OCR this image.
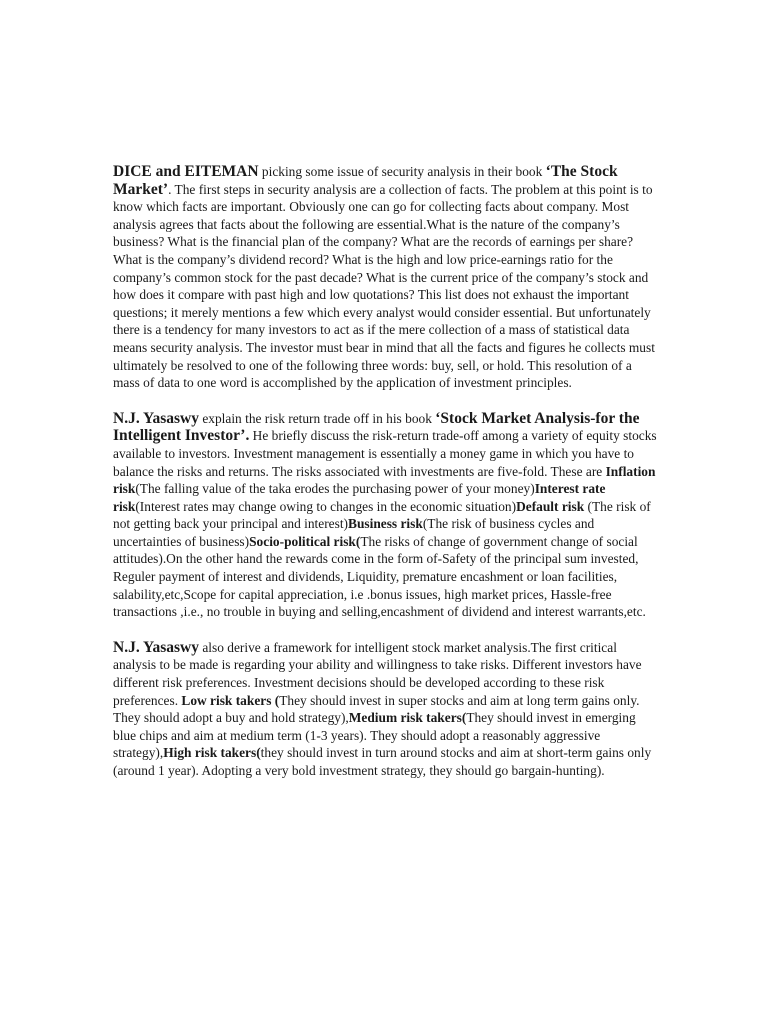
DICE and EITEMAN picking some issue of security analysis in their book ‘The Stock Market’. The first steps in security analysis are a collection of facts. The problem at this point is to know which facts are important. Obviously one can go for collecting facts about company. Most analysis agrees that facts about the following are essential.What is the nature of the company’s business? What is the financial plan of the company? What are the records of earnings per share? What is the company’s dividend record? What is the high and low price-earnings ratio for the company’s common stock for the past decade? What is the current price of the company’s stock and how does it compare with past high and low quotations? This list does not exhaust the important questions; it merely mentions a few which every analyst would consider essential. But unfortunately there is a tendency for many investors to act as if the mere collection of a mass of statistical data means security analysis. The investor must bear in mind that all the facts and figures he collects must ultimately be resolved to one of the following three words: buy, sell, or hold. This resolution of a mass of data to one word is accomplished by the application of investment principles.

N.J. Yasaswy explain the risk return trade off in his book ‘Stock Market Analysis-for the Intelligent Investor’. He briefly discuss the risk-return trade-off among a variety of equity stocks available to investors. Investment management is essentially a money game in which you have to balance the risks and returns. The risks associated with investments are five-fold. These are Inflation risk(The falling value of the taka erodes the purchasing power of your money)Interest rate risk(Interest rates may change owing to changes in the economic situation)Default risk (The risk of not getting back your principal and interest)Business risk(The risk of business cycles and uncertainties of business)Socio-political risk(The risks of change of government change of social attitudes).On the other hand the rewards come in the form of-Safety of the principal sum invested, Reguler payment of interest and dividends, Liquidity, premature encashment or loan facilities, salability,etc,Scope for capital appreciation, i.e .bonus issues, high market prices, Hassle-free transactions ,i.e., no trouble in buying and selling,encashment of dividend and interest warrants,etc.

N.J. Yasaswy also derive a framework for intelligent stock market analysis.The first critical analysis to be made is regarding your ability and willingness to take risks. Different investors have different risk preferences. Investment decisions should be developed according to these risk preferences. Low risk takers (They should invest in super stocks and aim at long term gains only. They should adopt a buy and hold strategy),Medium risk takers(They should invest in emerging blue chips and aim at medium term (1-3 years). They should adopt a reasonably aggressive strategy),High risk takers(they should invest in turn around stocks and aim at short-term gains only (around 1 year). Adopting a very bold investment strategy, they should go bargain-hunting).
